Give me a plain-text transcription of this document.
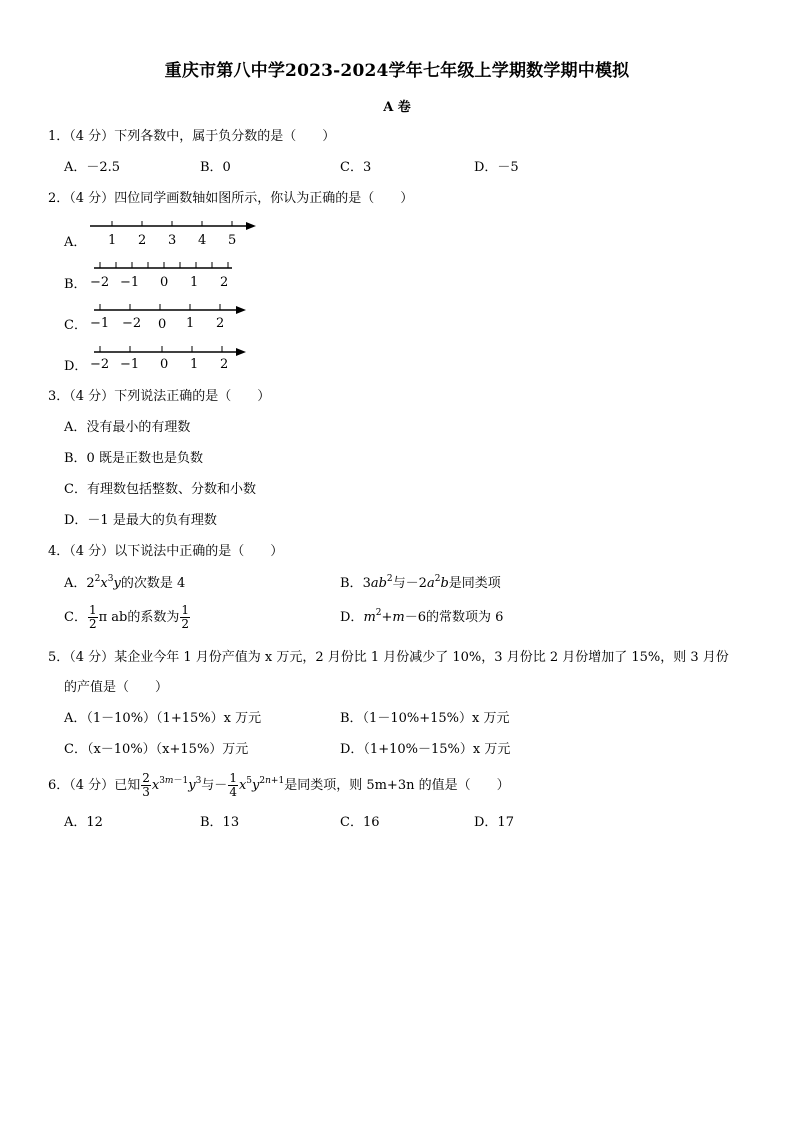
重庆市第八中学2023-2024学年七年级上学期数学期中模拟
A 卷
1．（4 分）下列各数中，属于负分数的是（　　）
A．－2.5	B．0	C．3	D．－5
2．（4 分）四位同学画数轴如图所示，你认为正确的是（　　）
A．
B．
C．
D．
1 2 3 4 5
−2 −1 0 1 2
−1 −2 0 1 2
−2 −1 0 1 2
3．（4 分）下列说法正确的是（　　）
A．没有最小的有理数
B．0 既是正数也是负数
C．有理数包括整数、分数和小数
D．－1 是最大的负有理数
4．（4 分）以下说法中正确的是（　　）
A．$2^2x^3y$的次数是 4	B．$3ab^2$与$-2a^2b$是同类项
C． $\frac{1}{2}$ π ab的系数为 $\frac{1}{2}$	D．$m^2+m-6$的常数项为 6
5．（4 分）某企业今年 1 月份产值为 x 万元，2 月份比 1 月份减少了 10%，3 月份比 2 月份增加了 15%，则 3 月份
的产值是（　　）
A．（1－10%）（1+15%）x 万元	B．（1－10%+15%）x 万元
C．（x－10%）（x+15%）万元	D．（1+10%－15%）x 万元
6．（4 分）已知 $\frac{2}{3} x^{3m-1}y^3$与－ $\frac{1}{4} x^5y^{2n+1}$是同类项，则 5m+3n 的值是（　　）
A．12	B．13	C．16	D．17
